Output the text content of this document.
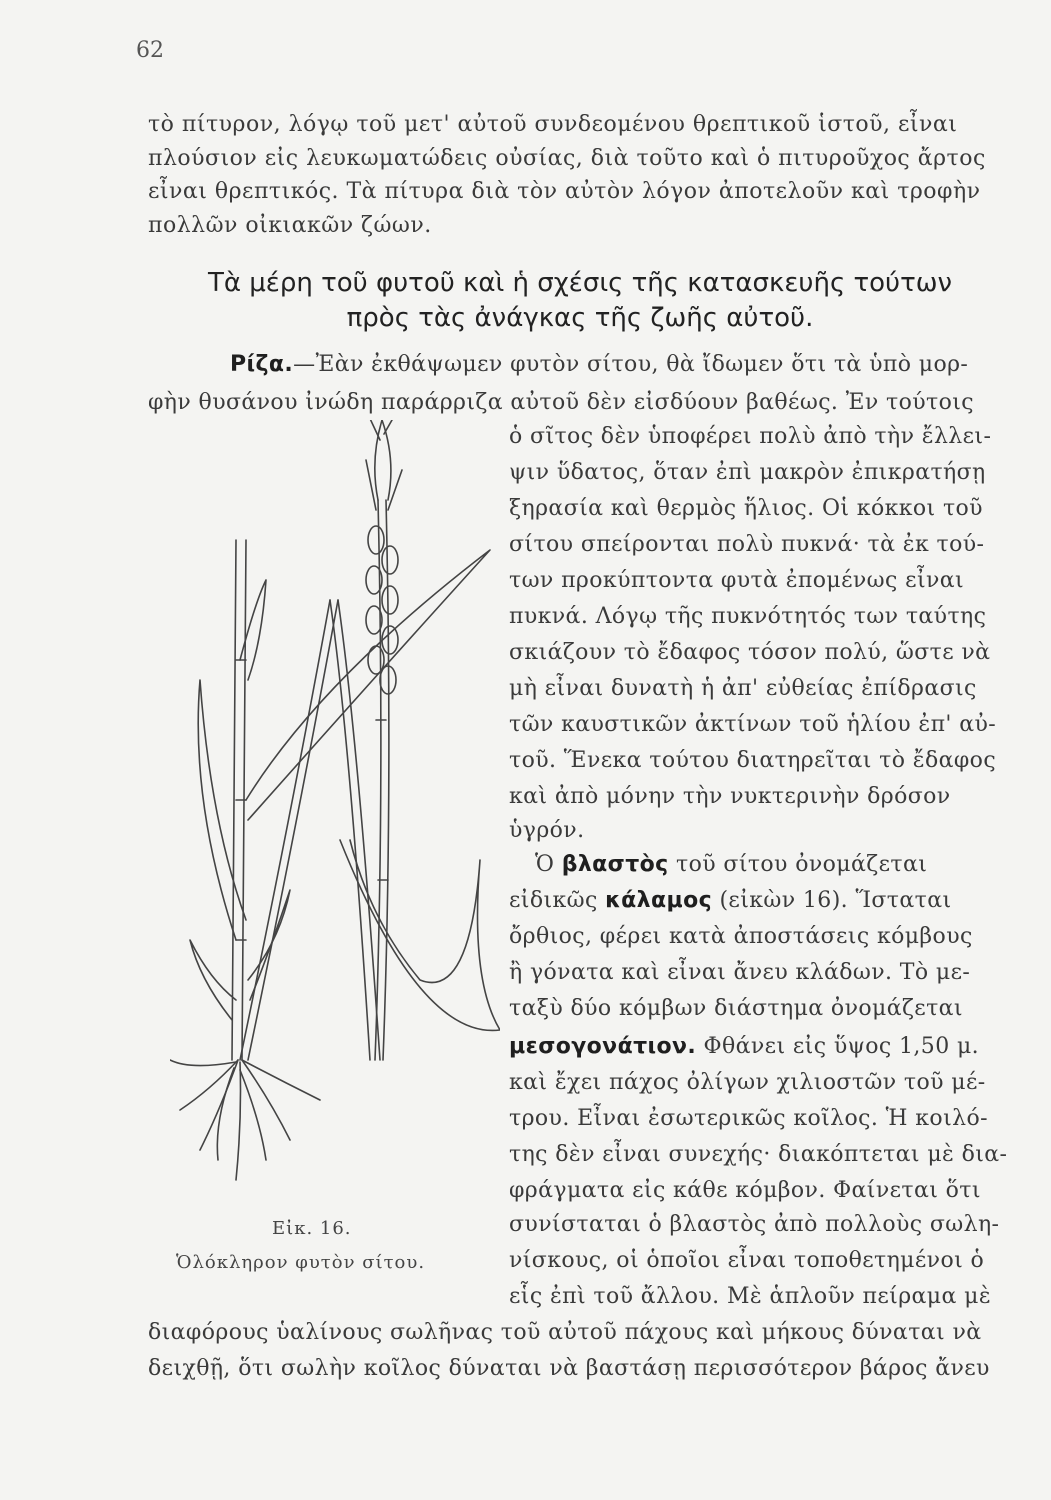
62
τὸ πίτυρον, λόγῳ τοῦ μετ' αὐτοῦ συνδεομένου θρεπτικοῦ ἱστοῦ, εἶναι πλούσιον εἰς λευκωματώδεις οὐσίας, διὰ τοῦτο καὶ ὁ πιτυροῦχος ἄρτος εἶναι θρεπτικός. Τὰ πίτυρα διὰ τὸν αὐτὸν λόγον ἀποτελοῦν καὶ τροφὴν πολλῶν οἰκιακῶν ζώων.
Τὰ μέρη τοῦ φυτοῦ καὶ ἡ σχέσις τῆς κατασκευῆς τούτων
πρὸς τὰς ἀνάγκας τῆς ζωῆς αὐτοῦ.
Ρίζα.—Ἐὰν ἐκθάψωμεν φυτὸν σίτου, θὰ ἴδωμεν ὅτι τὰ ὑπὸ μορ-
φὴν θυσάνου ἰνώδη παράρριζα αὐτοῦ δὲν εἰσδύουν βαθέως. Ἐν τούτοις
ὁ σῖτος δὲν ὑποφέρει πολὺ ἀπὸ τὴν ἔλλει-
ψιν ὕδατος, ὅταν ἐπὶ μακρὸν ἐπικρατήσῃ
ξηρασία καὶ θερμὸς ἥλιος. Οἱ κόκκοι τοῦ
σίτου σπείρονται πολὺ πυκνά· τὰ ἐκ τού-
των προκύπτοντα φυτὰ ἐπομένως εἶναι
πυκνά. Λόγῳ τῆς πυκνότητός των ταύτης
σκιάζουν τὸ ἔδαφος τόσον πολύ, ὥστε νὰ
μὴ εἶναι δυνατὴ ἡ ἀπ' εὐθείας ἐπίδρασις
τῶν καυστικῶν ἀκτίνων τοῦ ἡλίου ἐπ' αὐ-
τοῦ. Ἕνεκα τούτου διατηρεῖται τὸ ἔδαφος
καὶ ἀπὸ μόνην τὴν νυκτερινὴν δρόσον
ὑγρόν.
Ὁ βλαστὸς τοῦ σίτου ὀνομάζεται
εἰδικῶς κάλαμος (εἰκὼν 16). Ἵσταται
ὄρθιος, φέρει κατὰ ἀποστάσεις κόμβους
ἢ γόνατα καὶ εἶναι ἄνευ κλάδων. Τὸ με-
ταξὺ δύο κόμβων διάστημα ὀνομάζεται
μεσογονάτιον. Φθάνει εἰς ὕψος 1,50 μ.
καὶ ἔχει πάχος ὀλίγων χιλιοστῶν τοῦ μέ-
τρου. Εἶναι ἐσωτερικῶς κοῖλος. Ἡ κοιλό-
της δὲν εἶναι συνεχής· διακόπτεται μὲ δια-
φράγματα εἰς κάθε κόμβον. Φαίνεται ὅτι
συνίσταται ὁ βλαστὸς ἀπὸ πολλοὺς σωλη-
νίσκους, οἱ ὁποῖοι εἶναι τοποθετημένοι ὁ
εἷς ἐπὶ τοῦ ἄλλου. Μὲ ἁπλοῦν πείραμα μὲ
διαφόρους ὑαλίνους σωλῆνας τοῦ αὐτοῦ πάχους καὶ μήκους δύναται νὰ
δειχθῇ, ὅτι σωλὴν κοῖλος δύναται νὰ βαστάσῃ περισσότερον βάρος ἄνευ
Εἰκ. 16.
Ὁλόκληρον φυτὸν σίτου.
